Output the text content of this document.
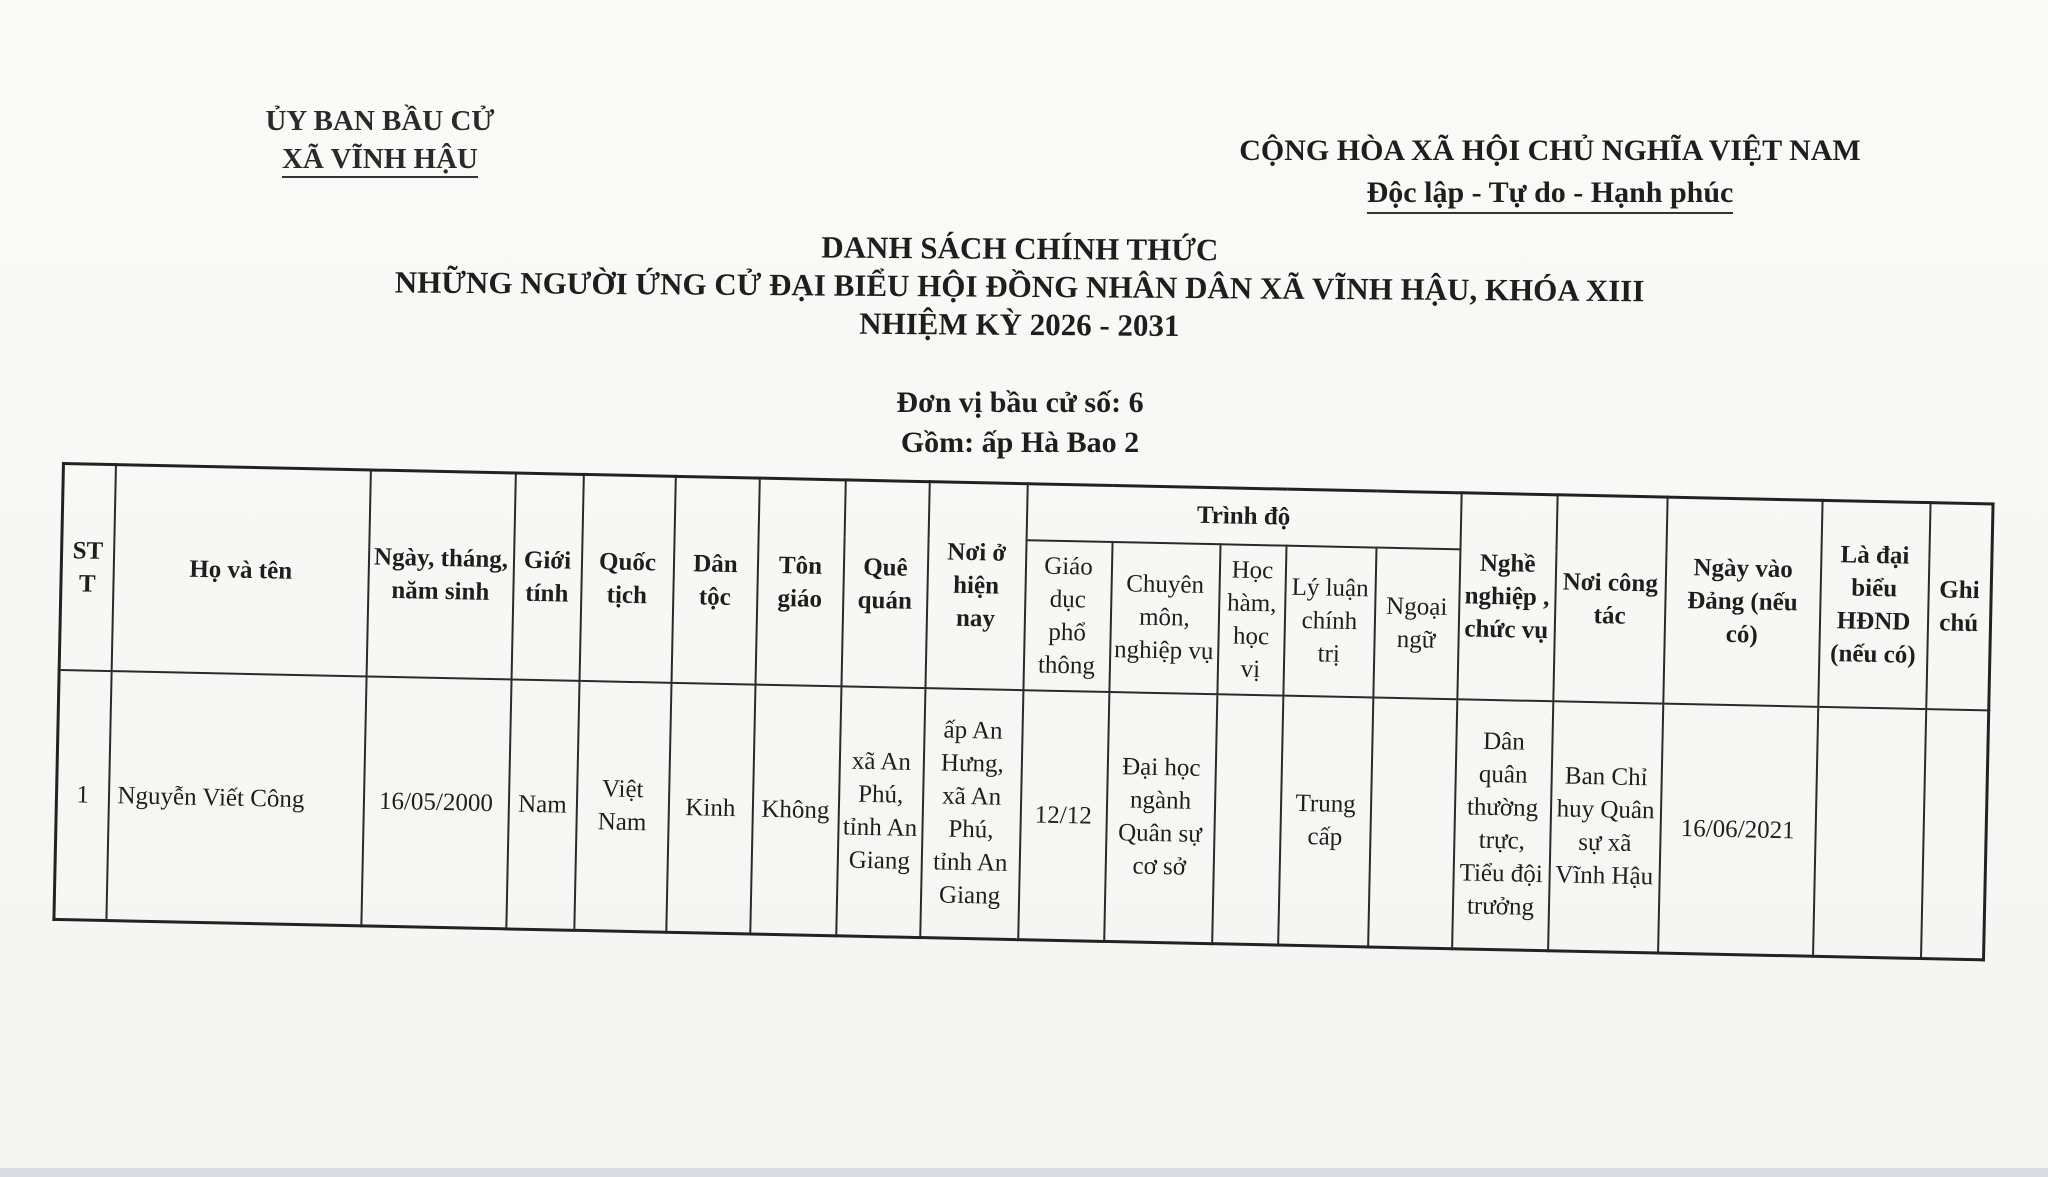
ỦY BAN BẦU CỬ
XÃ VĨNH HẬU	CỘNG HÒA XÃ HỘI CHỦ NGHĨA VIỆT NAM
Độc lập - Tự do - Hạnh phúc
DANH SÁCH CHÍNH THỨC
NHỮNG NGƯỜI ỨNG CỬ ĐẠI BIỂU HỘI ĐỒNG NHÂN DÂN XÃ VĨNH HẬU, KHÓA XIII
NHIỆM KỲ 2026 - 2031
Đơn vị bầu cử số: 6
Gồm: ấp Hà Bao 2
ST T	Họ và tên	Ngày, tháng, năm sinh	Giới tính	Quốc tịch	Dân tộc	Tôn giáo	Quê quán	Nơi ở hiện nay	Trình độ					Nghề nghiệp , chức vụ	Nơi công tác	Ngày vào Đảng (nếu có)	Là đại biểu HĐND (nếu có)	Ghi chú
									Giáo dục phổ thông	Chuyên môn, nghiệp vụ	Học hàm, học vị	Lý luận chính trị	Ngoại ngữ					
1	Nguyễn Viết Công	16/05/2000	Nam	Việt Nam	Kinh	Không	xã An Phú, tỉnh An Giang	ấp An Hưng, xã An Phú, tỉnh An Giang	12/12	Đại học ngành Quân sự cơ sở		Trung cấp		Dân quân thường trực, Tiểu đội trưởng	Ban Chỉ huy Quân sự xã Vĩnh Hậu	16/06/2021		
